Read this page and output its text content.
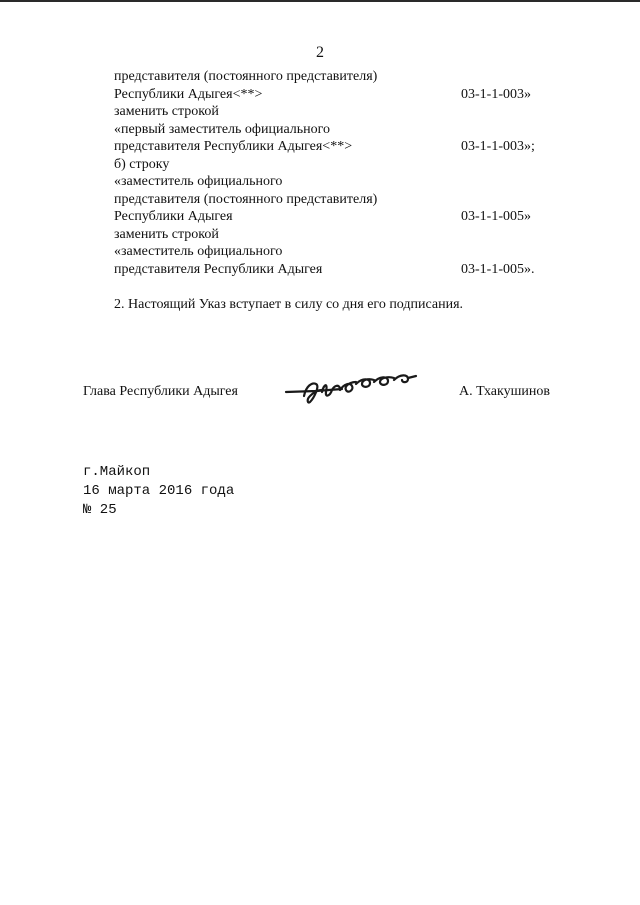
2
представителя (постоянного представителя)
Республики Адыгея<**>	03-1-1-003»
заменить строкой
«первый заместитель официального
представителя Республики Адыгея<**>	03-1-1-003»;
б) строку
«заместитель официального
представителя (постоянного представителя)
Республики Адыгея	03-1-1-005»
заменить строкой
«заместитель официального
представителя Республики Адыгея	03-1-1-005».
2. Настоящий Указ вступает в силу со дня его подписания.
Глава Республики Адыгея	А. Тхакушинов
г.Майкоп
16 марта 2016 года
№ 25
